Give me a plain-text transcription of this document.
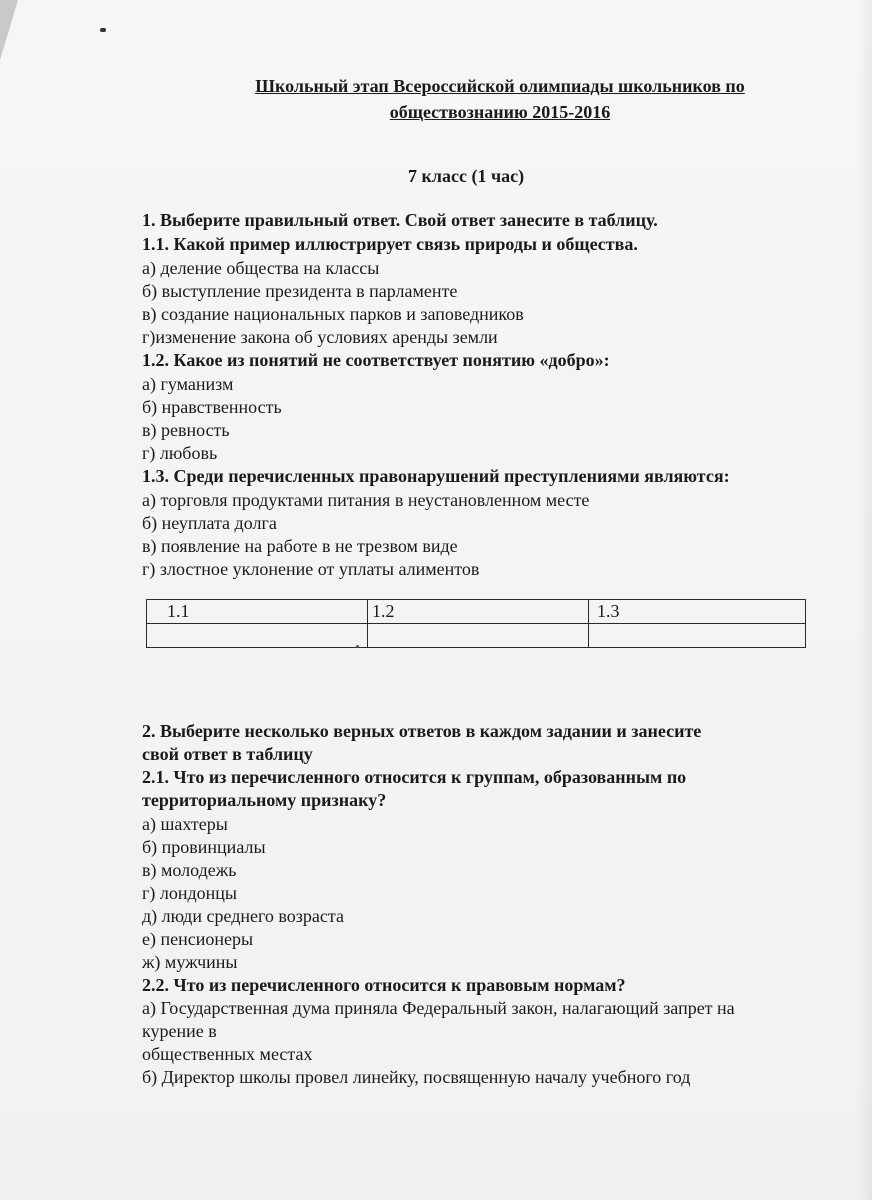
Школьный этап Всероссийской олимпиады школьников по
обществознанию 2015-2016
7 класс (1 час)
1. Выберите правильный ответ. Свой ответ занесите в таблицу.
1.1. Какой пример иллюстрирует связь природы и общества.
а) деление общества на классы
б) выступление президента в парламенте
в) создание национальных парков и заповедников
г)изменение закона об условиях аренды земли
1.2. Какое из понятий не соответствует понятию «добро»:
а) гуманизм
б) нравственность
в) ревность
г) любовь
1.3. Среди перечисленных правонарушений преступлениями являются:
а) торговля продуктами питания в неустановленном месте
б) неуплата долга
в) появление на работе в не трезвом виде
г) злостное уклонение от уплаты алиментов
1.1	1.2	1.3

2. Выберите несколько верных ответов в каждом задании и занесите
свой ответ в таблицу
2.1. Что из перечисленного относится к группам, образованным по
территориальному признаку?
а) шахтеры
б) провинциалы
в) молодежь
г) лондонцы
д) люди среднего возраста
е) пенсионеры
ж) мужчины
2.2. Что из перечисленного относится к правовым нормам?
а) Государственная дума приняла Федеральный закон, налагающий запрет на
курение в
общественных местах
б) Директор школы провел линейку, посвященную началу учебного год
